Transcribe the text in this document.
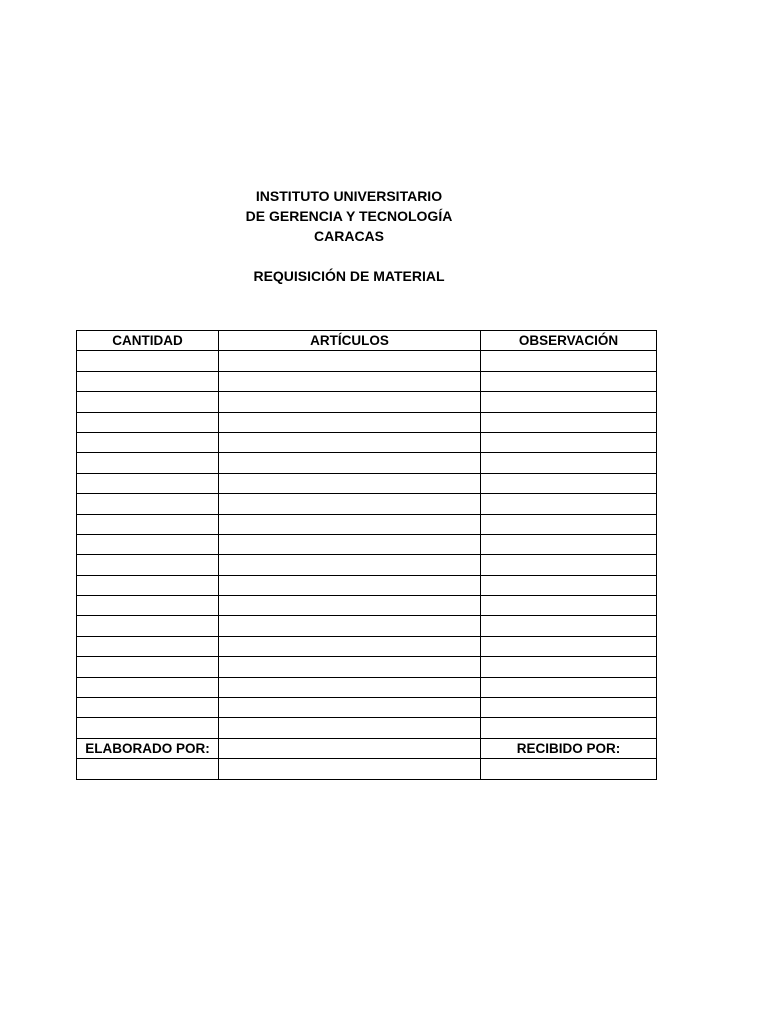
INSTITUTO UNIVERSITARIO
DE GERENCIA Y TECNOLOGÍA
CARACAS
REQUISICIÓN DE MATERIAL
CANTIDAD	ARTÍCULOS	OBSERVACIÓN

ELABORADO POR:		RECIBIDO POR:
